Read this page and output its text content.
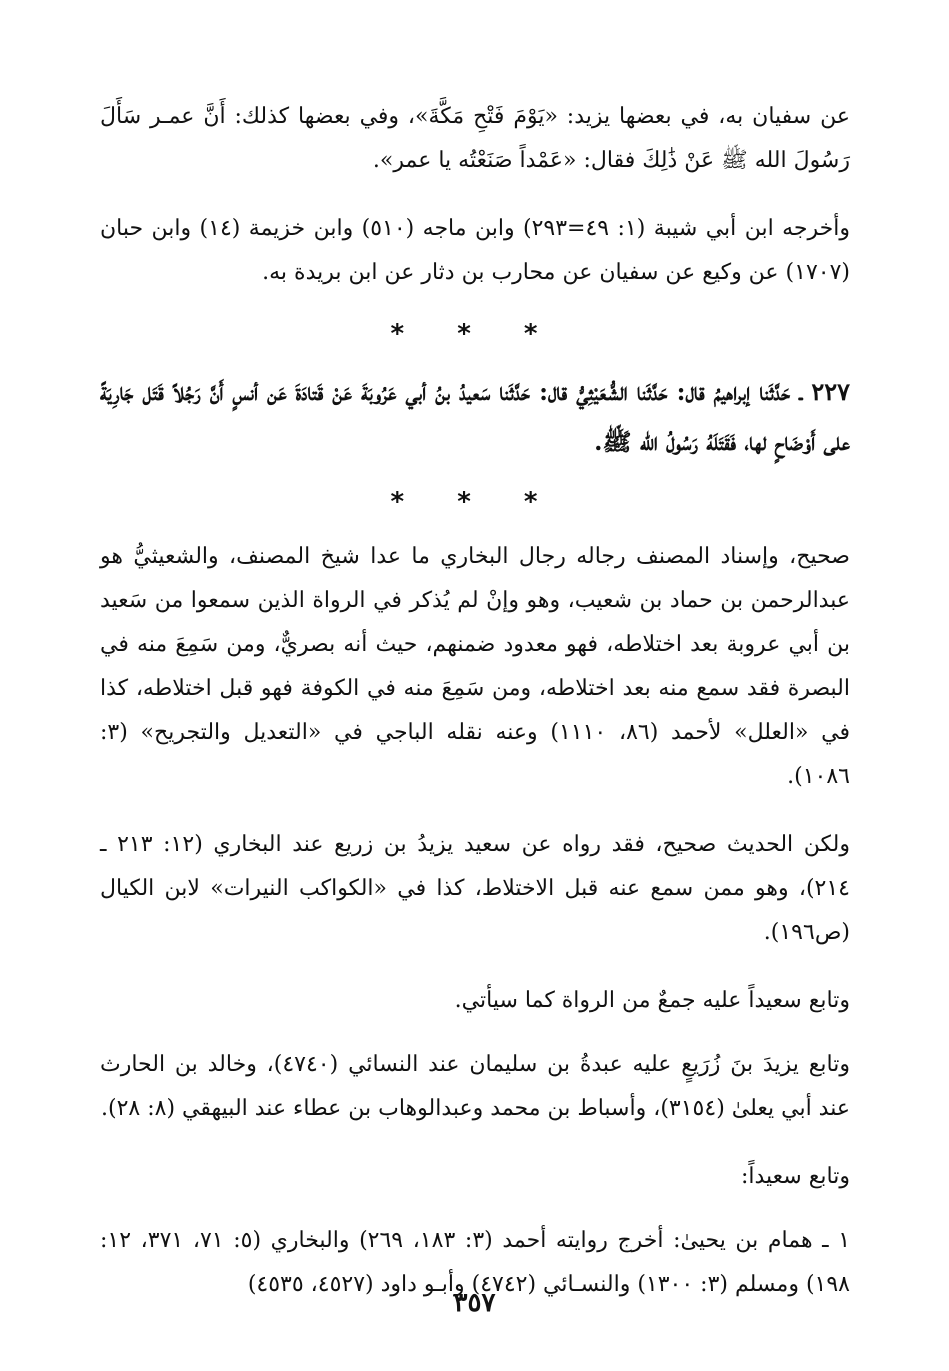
عن سفيان به، في بعضها يزيد: «يَوْمَ فَتْحِ مَكَّةَ»، وفي بعضها كذلك: أَنَّ عمـر سَأَلَ رَسُولَ الله ﷺ عَنْ ذَٰلِكَ فقال: «عَمْداً صَنَعْتُه يا عمر».

وأخرجه ابن أبي شيبة (١: ٤٩=٢٩٣) وابن ماجه (٥١٠) وابن خزيمة (١٤) وابن حبان (١٧٠٧) عن وكيع عن سفيان عن محارب بن دثار عن ابن بريدة به.

* * *

٢٢٧ ـ حَدَّثَنا إبراهيمُ قال: حَدَّثَنا الشُّعَيْثِيُّ قال: حَدَّثَنا سَعيدُ بنُ أبي عَرُوبَةَ عَنْ قَتادَةَ عَن أنسٍ أَنَّ رَجُلاً قَتَل جَارِيَةً على أَوْضَاحٍ لها، فَقَتَلَهُ رَسُولُ الله ﷺ.

* * *

صحيح، وإسناد المصنف رجاله رجال البخاري ما عدا شيخ المصنف، والشعيثيُّ هو عبدالرحمن بن حماد بن شعيب، وهو وإنْ لم يُذكر في الرواة الذين سمعوا من سَعيد بن أبي عروبة بعد اختلاطه، فهو معدود ضمنهم، حيث أنه بصريٌّ، ومن سَمِعَ منه في البصرة فقد سمع منه بعد اختلاطه، ومن سَمِعَ منه في الكوفة فهو قبل اختلاطه، كذا في «العلل» لأحمد (٨٦، ١١١٠) وعنه نقله الباجي في «التعديل والتجريح» (٣: ١٠٨٦).

ولكن الحديث صحيح، فقد رواه عن سعيد يزيدُ بن زريع عند البخاري (١٢: ٢١٣ ـ ٢١٤)، وهو ممن سمع عنه قبل الاختلاط، كذا في «الكواكب النيرات» لابن الكيال (ص١٩٦).

وتابع سعيداً عليه جمعٌ من الرواة كما سيأتي.

وتابع يزيدَ بنَ زُرَيعٍ عليه عبدةُ بن سليمان عند النسائي (٤٧٤٠)، وخالد بن الحارث عند أبي يعلىٰ (٣١٥٤)، وأسباط بن محمد وعبدالوهاب بن عطاء عند البيهقي (٨: ٢٨).

وتابع سعيداً:

١ ـ همام بن يحيىٰ: أخرج روايته أحمد (٣: ١٨٣، ٢٦٩) والبخاري (٥: ٧١، ٣٧١، ١٢: ١٩٨) ومسلم (٣: ١٣٠٠) والنسـائي (٤٧٤٢) وأبـو داود (٤٥٢٧، ٤٥٣٥)

٣٥٧
